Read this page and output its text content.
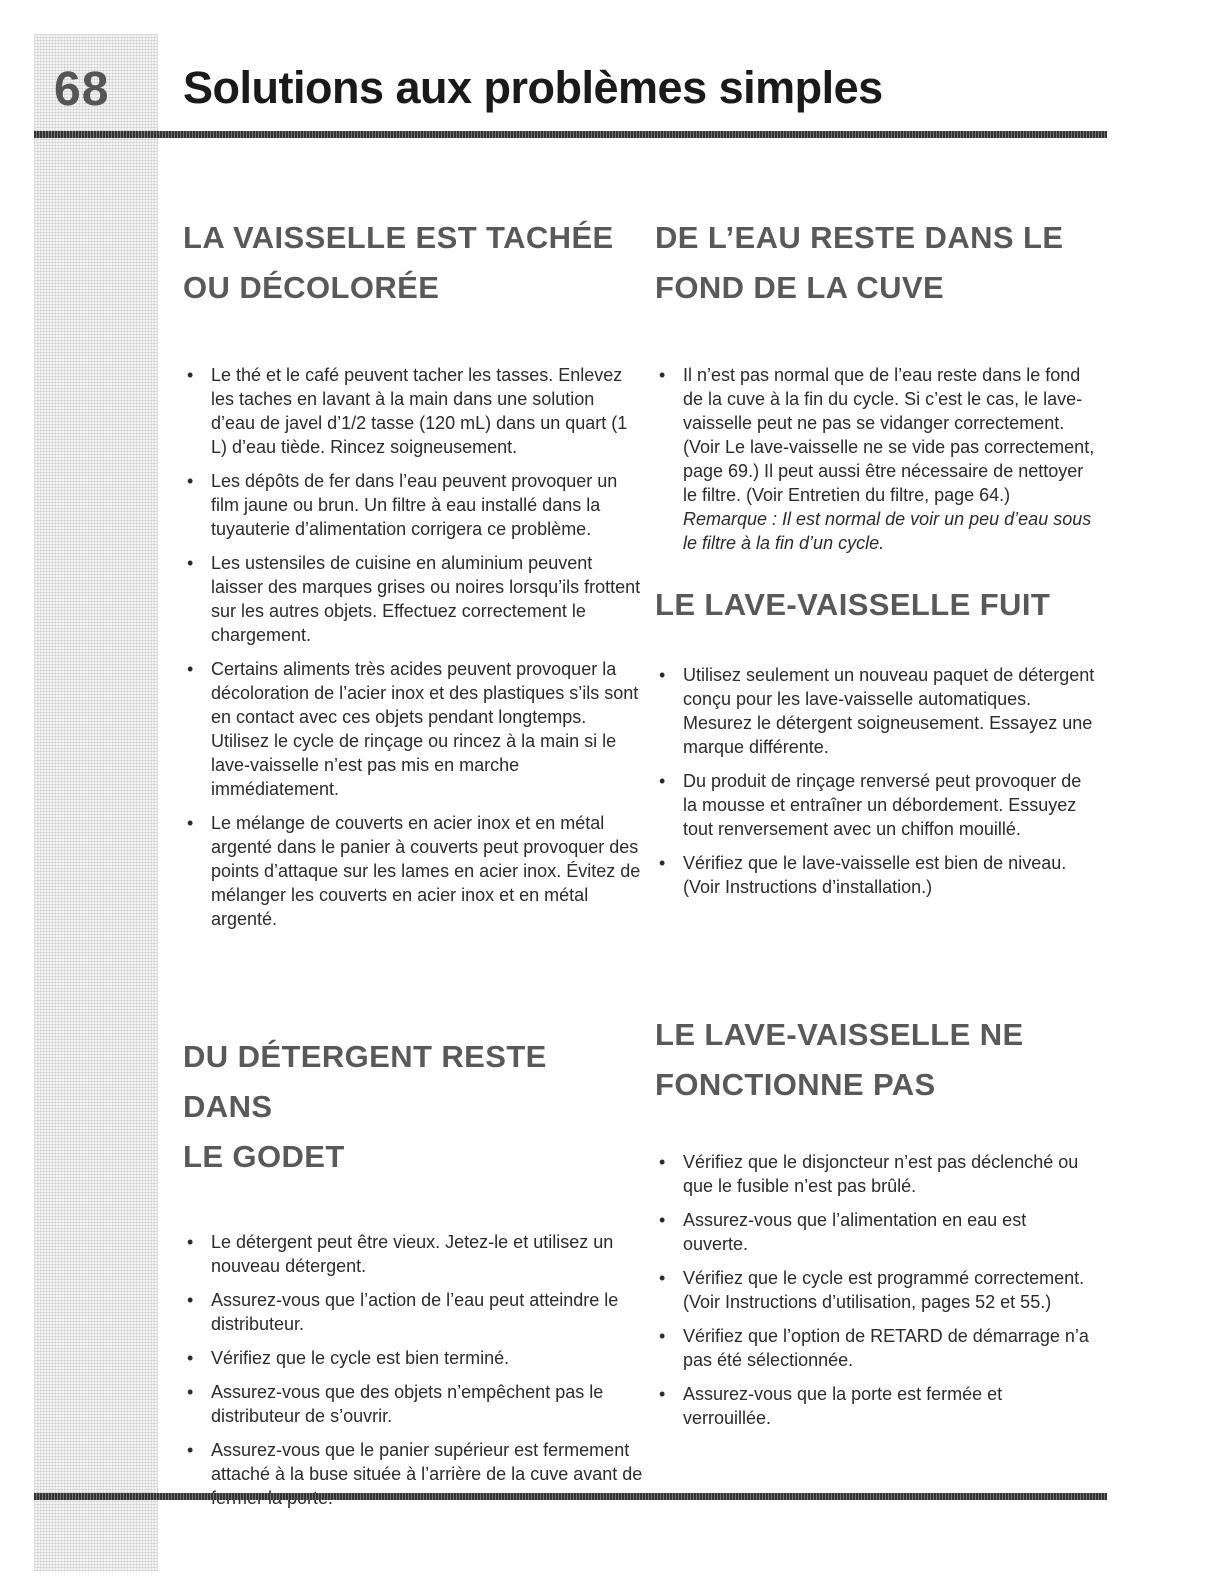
68 Solutions aux problèmes simples
LA VAISSELLE EST TACHÉE
OU DÉCOLORÉE
• Le thé et le café peuvent tacher les tasses. Enlevez les taches en lavant à la main dans une solution d’eau de javel d’1/2 tasse (120 mL) dans un quart (1 L) d’eau tiède. Rincez soigneusement.
• Les dépôts de fer dans l’eau peuvent provoquer un film jaune ou brun. Un filtre à eau installé dans la tuyauterie d’alimentation corrigera ce problème.
• Les ustensiles de cuisine en aluminium peuvent laisser des marques grises ou noires lorsqu’ils frottent sur les autres objets. Effectuez correctement le chargement.
• Certains aliments très acides peuvent provoquer la décoloration de l’acier inox et des plastiques s’ils sont en contact avec ces objets pendant longtemps. Utilisez le cycle de rinçage ou rincez à la main si le lave-vaisselle n’est pas mis en marche immédiatement.
• Le mélange de couverts en acier inox et en métal argenté dans le panier à couverts peut provoquer des points d’attaque sur les lames en acier inox. Évitez de mélanger les couverts en acier inox et en métal argenté.
DE L’EAU RESTE DANS LE
FOND DE LA CUVE
• Il n’est pas normal que de l’eau reste dans le fond de la cuve à la fin du cycle. Si c’est le cas, le lave-vaisselle peut ne pas se vidanger correctement. (Voir Le lave-vaisselle ne se vide pas correctement, page 69.) Il peut aussi être nécessaire de nettoyer le filtre. (Voir Entretien du filtre, page 64.) Remarque : Il est normal de voir un peu d’eau sous le filtre à la fin d’un cycle.
LE LAVE-VAISSELLE FUIT
• Utilisez seulement un nouveau paquet de détergent conçu pour les lave-vaisselle automatiques. Mesurez le détergent soigneusement. Essayez une marque différente.
• Du produit de rinçage renversé peut provoquer de la mousse et entraîner un débordement. Essuyez tout renversement avec un chiffon mouillé.
• Vérifiez que le lave-vaisselle est bien de niveau. (Voir Instructions d’installation.)
DU DÉTERGENT RESTE DANS
LE GODET
• Le détergent peut être vieux. Jetez-le et utilisez un nouveau détergent.
• Assurez-vous que l’action de l’eau peut atteindre le distributeur.
• Vérifiez que le cycle est bien terminé.
• Assurez-vous que des objets n’empêchent pas le distributeur de s’ouvrir.
• Assurez-vous que le panier supérieur est fermement attaché à la buse située à l’arrière de la cuve avant de
LE LAVE-VAISSELLE NE
FONCTIONNE PAS
• Vérifiez que le disjoncteur n’est pas déclenché ou que le fusible n’est pas brûlé.
• Assurez-vous que l’alimentation en eau est ouverte.
• Vérifiez que le cycle est programmé correctement. (Voir Instructions d’utilisation, pages 52 et 55.)
• Vérifiez que l’option de RETARD de démarrage n’a pas été sélectionnée.
• Assurez-vous que la porte est fermée et verrouillée.
